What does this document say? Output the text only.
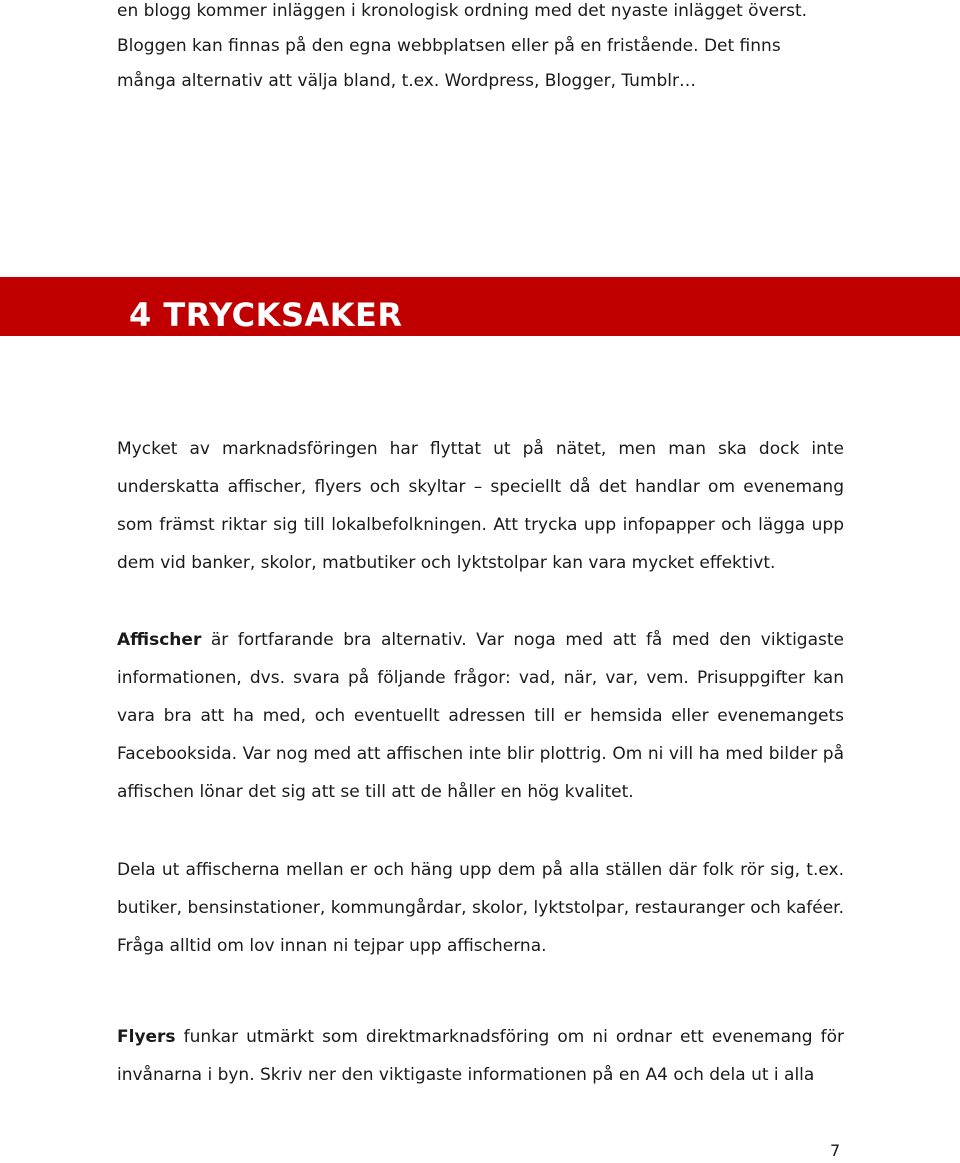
en blogg kommer inläggen i kronologisk ordning med det nyaste inlägget överst. Bloggen kan finnas på den egna webbplatsen eller på en fristående. Det finns många alternativ att välja bland, t.ex. Wordpress, Blogger, Tumblr…

4 TRYCKSAKER

Mycket av marknadsföringen har flyttat ut på nätet, men man ska dock inte underskatta affischer, flyers och skyltar – speciellt då det handlar om evenemang som främst riktar sig till lokalbefolkningen. Att trycka upp infopapper och lägga upp dem vid banker, skolor, matbutiker och lyktstolpar kan vara mycket effektivt.

Affischer är fortfarande bra alternativ. Var noga med att få med den viktigaste informationen, dvs. svara på följande frågor: vad, när, var, vem. Prisuppgifter kan vara bra att ha med, och eventuellt adressen till er hemsida eller evenemangets Facebooksida. Var nog med att affischen inte blir plottrig. Om ni vill ha med bilder på affischen lönar det sig att se till att de håller en hög kvalitet.

Dela ut affischerna mellan er och häng upp dem på alla ställen där folk rör sig, t.ex. butiker, bensinstationer, kommungårdar, skolor, lyktstolpar, restauranger och kaféer. Fråga alltid om lov innan ni tejpar upp affischerna.

Flyers funkar utmärkt som direktmarknadsföring om ni ordnar ett evenemang för invånarna i byn. Skriv ner den viktigaste informationen på en A4 och dela ut i alla

7
